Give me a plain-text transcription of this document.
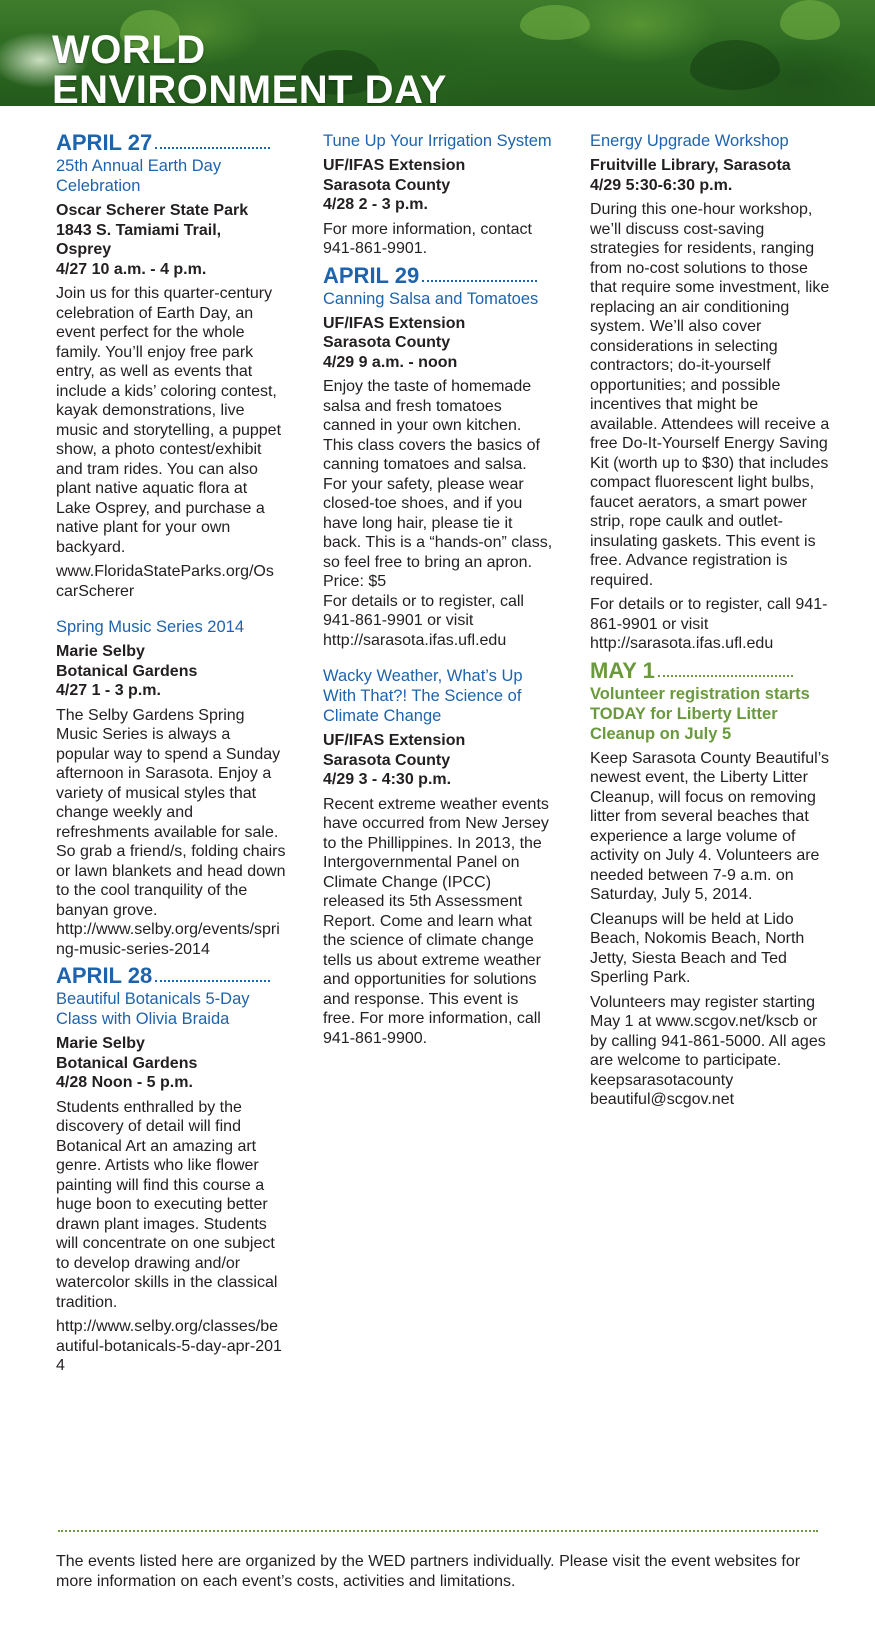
WORLD
ENVIRONMENT DAY
APRIL 27
25th Annual Earth Day Celebration
Oscar Scherer State Park
1843 S. Tamiami Trail,
Osprey
4/27 10 a.m. - 4 p.m.

Join us for this quarter-century celebration of Earth Day, an event perfect for the whole family. You’ll enjoy free park entry, as well as events that include a kids’ coloring contest, kayak demonstrations, live music and storytelling, a puppet show, a photo contest/exhibit and tram rides. You can also plant native aquatic flora at Lake Osprey, and purchase a native plant for your own backyard.

www.FloridaStateParks.org/OscarScherer

Spring Music Series 2014
Marie Selby
Botanical Gardens
4/27 1 - 3 p.m.

The Selby Gardens Spring Music Series is always a popular way to spend a Sunday afternoon in Sarasota. Enjoy a variety of musical styles that change weekly and refreshments available for sale. So grab a friend/s, folding chairs or lawn blankets and head down to the cool tranquility of the banyan grove. http://www.selby.org/events/spring-music-series-2014

APRIL 28
Beautiful Botanicals 5-Day Class with Olivia Braida
Marie Selby
Botanical Gardens
4/28 Noon - 5 p.m.

Students enthralled by the discovery of detail will find Botanical Art an amazing art genre. Artists who like flower painting will find this course a huge boon to executing better drawn plant images. Students will concentrate on one subject to develop drawing and/or watercolor skills in the classical tradition.

http://www.selby.org/classes/beautiful-botanicals-5-day-apr-2014

Tune Up Your Irrigation System
UF/IFAS Extension
Sarasota County
4/28 2 - 3 p.m.

For more information, contact 941-861-9901.

APRIL 29
Canning Salsa and Tomatoes
UF/IFAS Extension
Sarasota County
4/29 9 a.m. - noon

Enjoy the taste of homemade salsa and fresh tomatoes canned in your own kitchen. This class covers the basics of canning tomatoes and salsa. For your safety, please wear closed-toe shoes, and if you have long hair, please tie it back. This is a “hands-on” class, so feel free to bring an apron. Price: $5

For details or to register, call 941-861-9901 or visit http://sarasota.ifas.ufl.edu

Wacky Weather, What’s Up With That?! The Science of Climate Change
UF/IFAS Extension
Sarasota County
4/29 3 - 4:30 p.m.

Recent extreme weather events have occurred from New Jersey to the Phillippines. In 2013, the Intergovernmental Panel on Climate Change (IPCC) released its 5th Assessment Report. Come and learn what the science of climate change tells us about extreme weather and opportunities for solutions and response. This event is free. For more information, call 941-861-9900.

Energy Upgrade Workshop
Fruitville Library, Sarasota
4/29 5:30-6:30 p.m.

During this one-hour workshop, we’ll discuss cost-saving strategies for residents, ranging from no-cost solutions to those that require some investment, like replacing an air conditioning system. We’ll also cover considerations in selecting contractors; do-it-yourself opportunities; and possible incentives that might be available. Attendees will receive a free Do-It-Yourself Energy Saving Kit (worth up to $30) that includes compact fluorescent light bulbs, faucet aerators, a smart power strip, rope caulk and outlet-insulating gaskets. This event is free. Advance registration is required.

For details or to register, call 941-861-9901 or visit http://sarasota.ifas.ufl.edu

MAY 1
Volunteer registration starts TODAY for Liberty Litter Cleanup on July 5

Keep Sarasota County Beautiful’s newest event, the Liberty Litter Cleanup, will focus on removing litter from several beaches that experience a large volume of activity on July 4. Volunteers are needed between 7-9 a.m. on Saturday, July 5, 2014.

Cleanups will be held at Lido Beach, Nokomis Beach, North Jetty, Siesta Beach and Ted Sperling Park.

Volunteers may register starting May 1 at www.scgov.net/kscb or by calling 941-861-5000. All ages are welcome to participate. keepsarasotacounty beautiful@scgov.net

The events listed here are organized by the WED partners individually. Please visit the event websites for more information on each event’s costs, activities and limitations.
